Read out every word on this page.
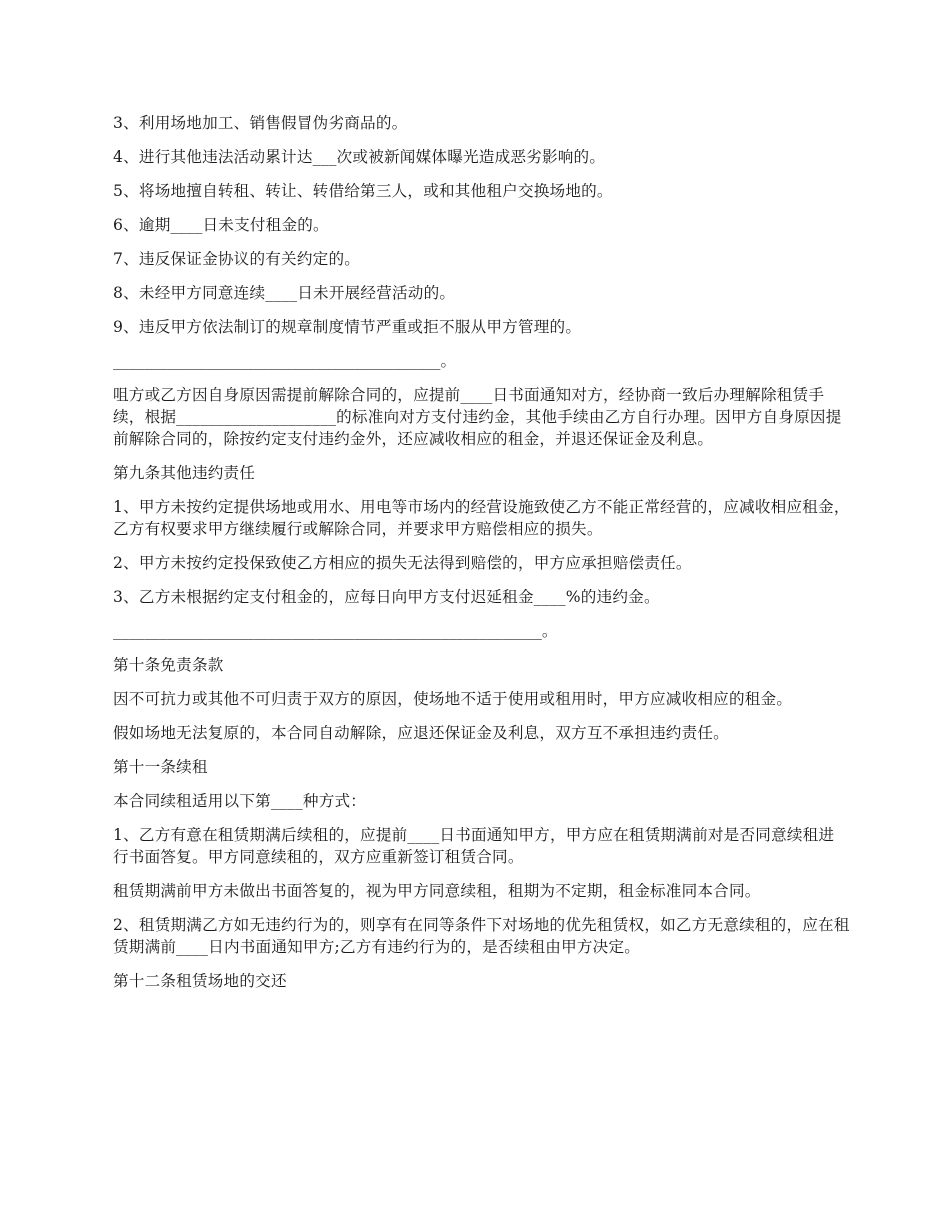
3、利用场地加工、销售假冒伪劣商品的。

4、进行其他违法活动累计达___次或被新闻媒体曝光造成恶劣影响的。

5、将场地擅自转租、转让、转借给第三人，或和其他租户交换场地的。

6、逾期____日未支付租金的。

7、违反保证金协议的有关约定的。

8、未经甲方同意连续____日未开展经营活动的。

9、违反甲方依法制订的规章制度情节严重或拒不服从甲方管理的。

__________________________________________。

咀方或乙方因自身原因需提前解除合同的，应提前____日书面通知对方，经协商一致后办理解除租赁手续，根据____________________的标准向对方支付违约金，其他手续由乙方自行办理。因甲方自身原因提前解除合同的，除按约定支付违约金外，还应减收相应的租金，并退还保证金及利息。

第九条其他违约责任

1、甲方未按约定提供场地或用水、用电等市场内的经营设施致使乙方不能正常经营的，应减收相应租金，乙方有权要求甲方继续履行或解除合同，并要求甲方赔偿相应的损失。

2、甲方未按约定投保致使乙方相应的损失无法得到赔偿的，甲方应承担赔偿责任。

3、乙方未根据约定支付租金的，应每日向甲方支付迟延租金____%的违约金。

_______________________________________________________。

第十条免责条款

因不可抗力或其他不可归责于双方的原因，使场地不适于使用或租用时，甲方应减收相应的租金。

假如场地无法复原的，本合同自动解除，应退还保证金及利息，双方互不承担违约责任。

第十一条续租

本合同续租适用以下第____种方式：

1、乙方有意在租赁期满后续租的，应提前____日书面通知甲方，甲方应在租赁期满前对是否同意续租进行书面答复。甲方同意续租的，双方应重新签订租赁合同。

租赁期满前甲方未做出书面答复的，视为甲方同意续租，租期为不定期，租金标准同本合同。

2、租赁期满乙方如无违约行为的，则享有在同等条件下对场地的优先租赁权，如乙方无意续租的，应在租赁期满前____日内书面通知甲方;乙方有违约行为的，是否续租由甲方决定。

第十二条租赁场地的交还
